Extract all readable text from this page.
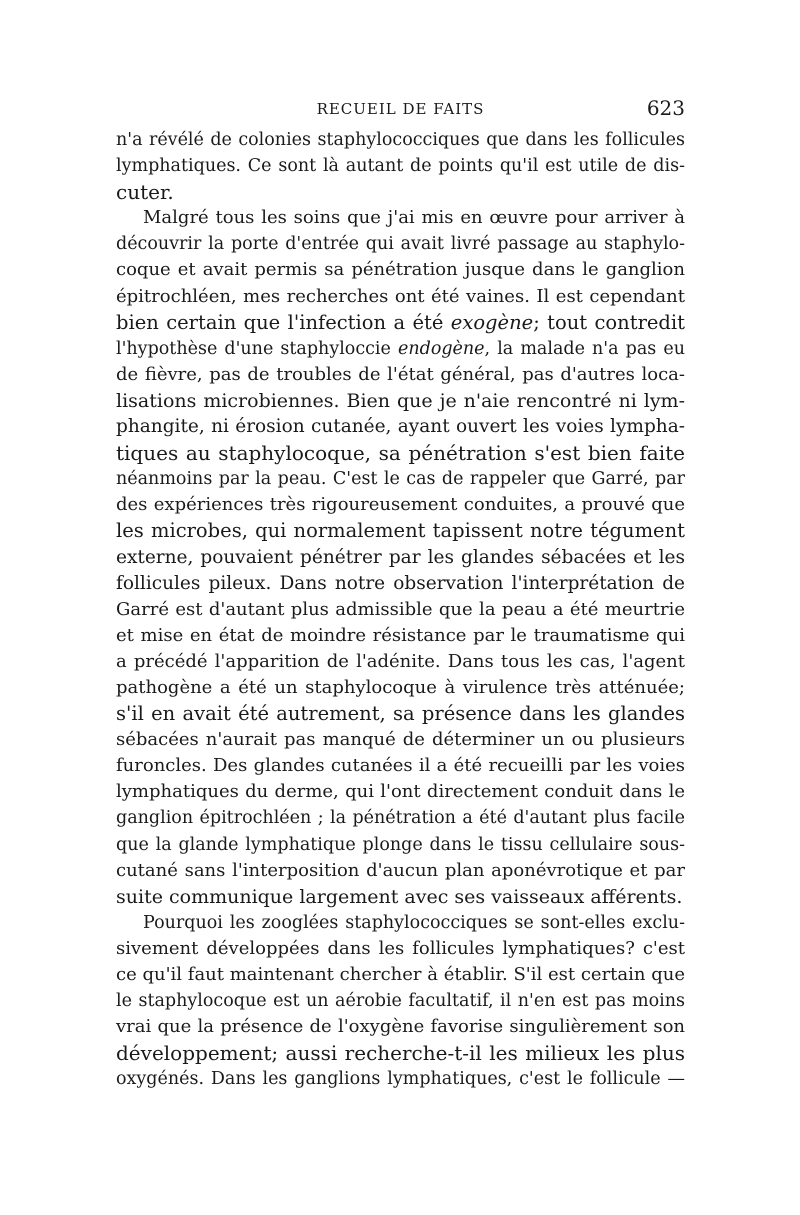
RECUEIL DE FAITS	623
n'a révélé de colonies staphylococciques que dans les follicules
lymphatiques. Ce sont là autant de points qu'il est utile de dis-
cuter.
Malgré tous les soins que j'ai mis en œuvre pour arriver à
découvrir la porte d'entrée qui avait livré passage au staphylo-
coque et avait permis sa pénétration jusque dans le ganglion
épitrochléen, mes recherches ont été vaines. Il est cependant
bien certain que l'infection a été exogène; tout contredit
l'hypothèse d'une staphyloccie endogène, la malade n'a pas eu
de fièvre, pas de troubles de l'état général, pas d'autres loca-
lisations microbiennes. Bien que je n'aie rencontré ni lym-
phangite, ni érosion cutanée, ayant ouvert les voies lympha-
tiques au staphylocoque, sa pénétration s'est bien faite
néanmoins par la peau. C'est le cas de rappeler que Garré, par
des expériences très rigoureusement conduites, a prouvé que
les microbes, qui normalement tapissent notre tégument
externe, pouvaient pénétrer par les glandes sébacées et les
follicules pileux. Dans notre observation l'interprétation de
Garré est d'autant plus admissible que la peau a été meurtrie
et mise en état de moindre résistance par le traumatisme qui
a précédé l'apparition de l'adénite. Dans tous les cas, l'agent
pathogène a été un staphylocoque à virulence très atténuée;
s'il en avait été autrement, sa présence dans les glandes
sébacées n'aurait pas manqué de déterminer un ou plusieurs
furoncles. Des glandes cutanées il a été recueilli par les voies
lymphatiques du derme, qui l'ont directement conduit dans le
ganglion épitrochléen ; la pénétration a été d'autant plus facile
que la glande lymphatique plonge dans le tissu cellulaire sous-
cutané sans l'interposition d'aucun plan aponévrotique et par
suite communique largement avec ses vaisseaux afférents.
Pourquoi les zooglées staphylococciques se sont-elles exclu-
sivement développées dans les follicules lymphatiques? c'est
ce qu'il faut maintenant chercher à établir. S'il est certain que
le staphylocoque est un aérobie facultatif, il n'en est pas moins
vrai que la présence de l'oxygène favorise singulièrement son
développement; aussi recherche-t-il les milieux les plus
oxygénés. Dans les ganglions lymphatiques, c'est le follicule —
